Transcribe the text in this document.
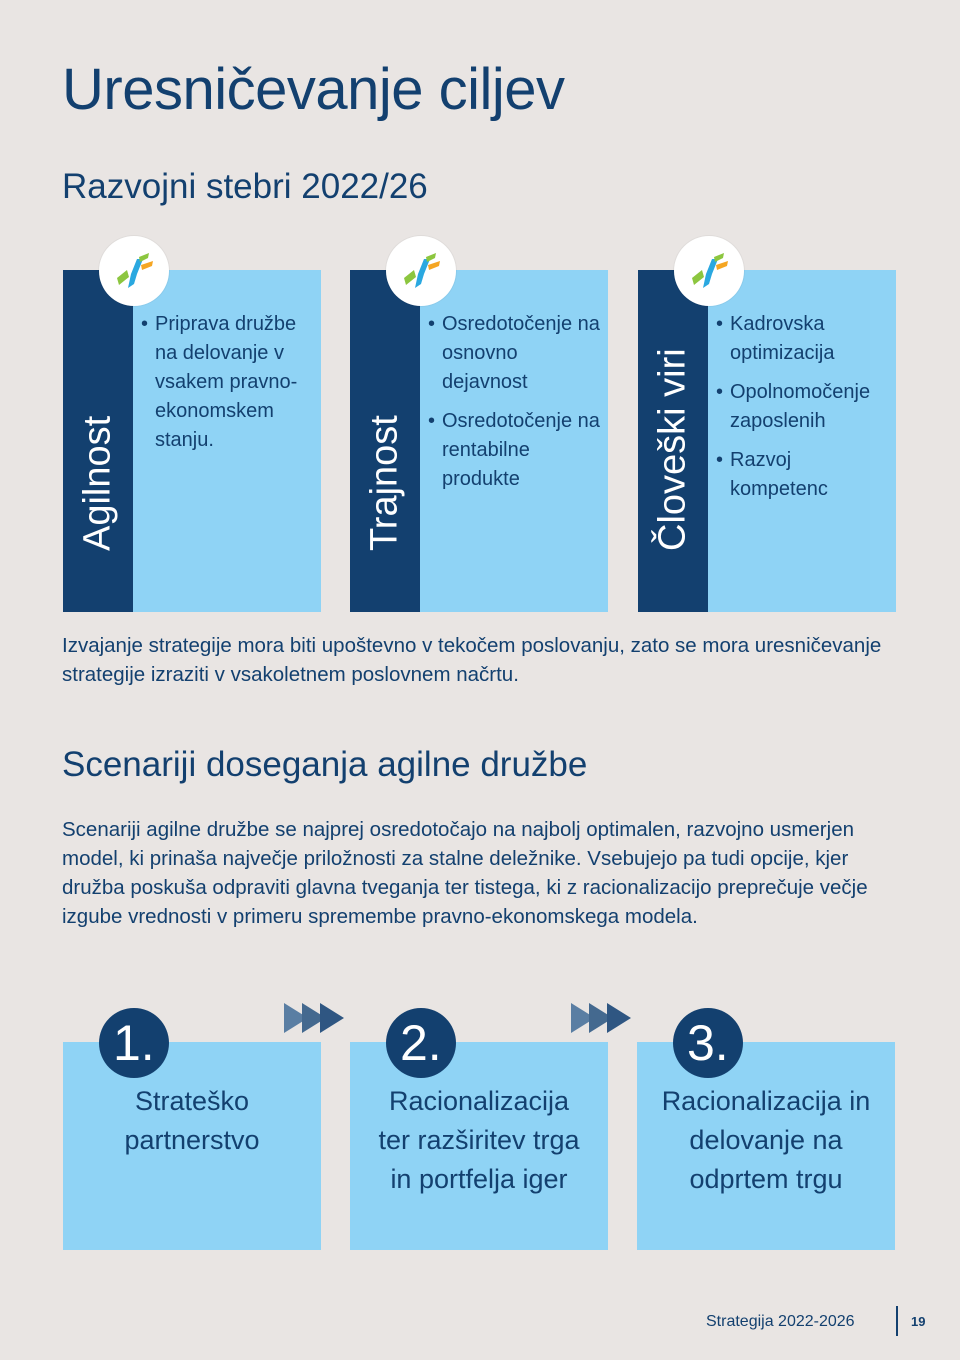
Uresničevanje ciljev
Razvojni stebri 2022/26
Agilnost
• Priprava družbe na delovanje v vsakem pravno-ekonomskem stanju.	Trajnost
• Osredotočenje na osnovno dejavnost
• Osredotočenje na rentabilne produkte	Človeški viri
• Kadrovska optimizacija
• Opolnomočenje zaposlenih
• Razvoj kompetenc

Izvajanje strategije mora biti upoštevno v tekočem poslovanju, zato se mora uresničevanje strategije izraziti v vsakoletnem poslovnem načrtu.

Scenariji doseganja agilne družbe

Scenariji agilne družbe se najprej osredotočajo na najbolj optimalen, razvojno usmerjen model, ki prinaša največje priložnosti za stalne deležnike. Vsebujejo pa tudi opcije, kjer družba poskuša odpraviti glavna tveganja ter tistega, ki z racionalizacijo preprečuje večje izgube vrednosti v primeru spremembe pravno-ekonomskega modela.

1.
Strateško partnerstvo
2.
Racionalizacija ter razširitev trga in portfelja iger
3.
Racionalizacija in delovanje na odprtem trgu
Strategija 2022-2026	19
